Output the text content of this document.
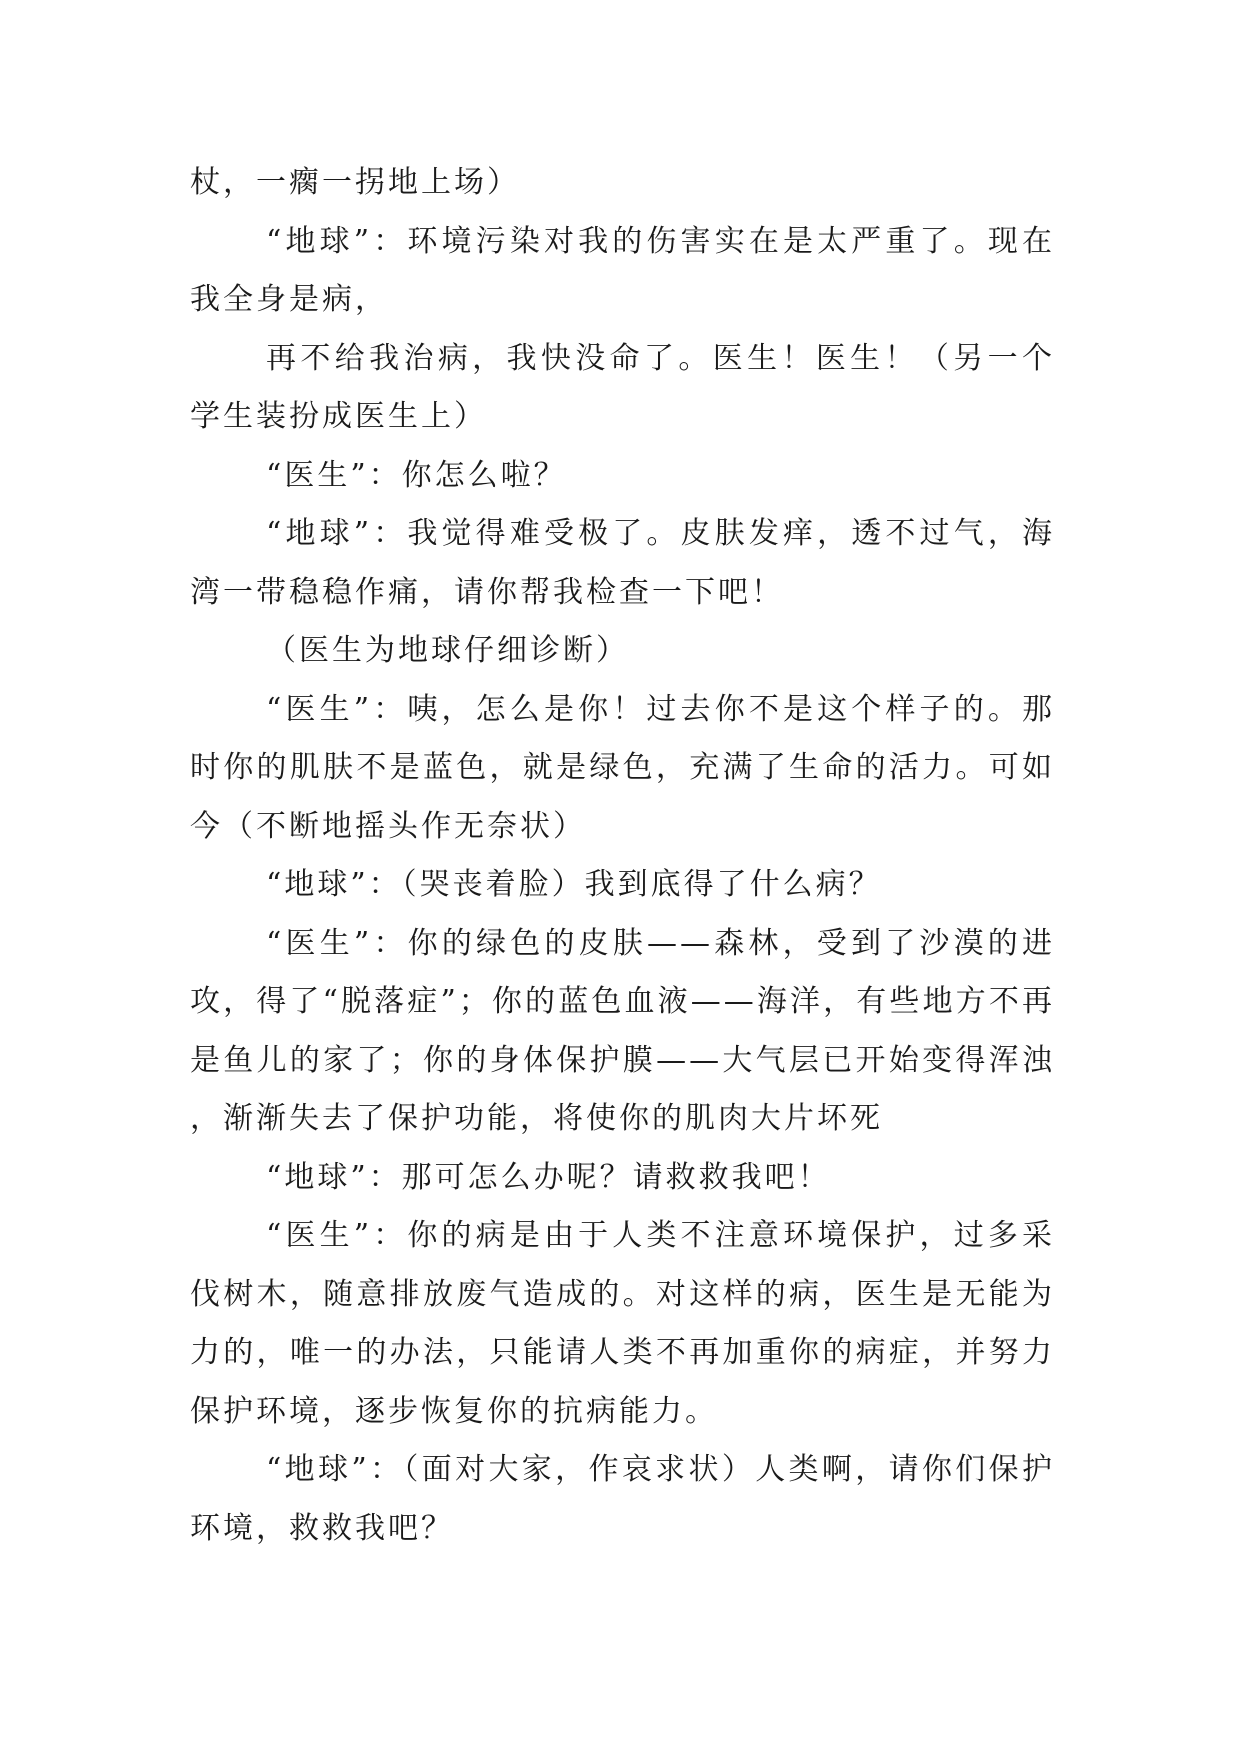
杖，一瘸一拐地上场）

“地球”：环境污染对我的伤害实在是太严重了。现在我全身是病，

再不给我治病，我快没命了。医生！医生！（另一个学生装扮成医生上）

“医生”：你怎么啦？

“地球”：我觉得难受极了。皮肤发痒，透不过气，海湾一带稳稳作痛，请你帮我检查一下吧！

（医生为地球仔细诊断）

“医生”：咦，怎么是你！过去你不是这个样子的。那时你的肌肤不是蓝色，就是绿色，充满了生命的活力。可如今（不断地摇头作无奈状）

“地球”：（哭丧着脸）我到底得了什么病？

“医生”：你的绿色的皮肤——森林，受到了沙漠的进攻，得了“脱落症”；你的蓝色血液——海洋，有些地方不再是鱼儿的家了；你的身体保护膜——大气层已开始变得浑浊，渐渐失去了保护功能，将使你的肌肉大片坏死

“地球”：那可怎么办呢？请救救我吧！

“医生”：你的病是由于人类不注意环境保护，过多采伐树木，随意排放废气造成的。对这样的病，医生是无能为力的，唯一的办法，只能请人类不再加重你的病症，并努力保护环境，逐步恢复你的抗病能力。

“地球”：（面对大家，作哀求状）人类啊，请你们保护环境，救救我吧？
